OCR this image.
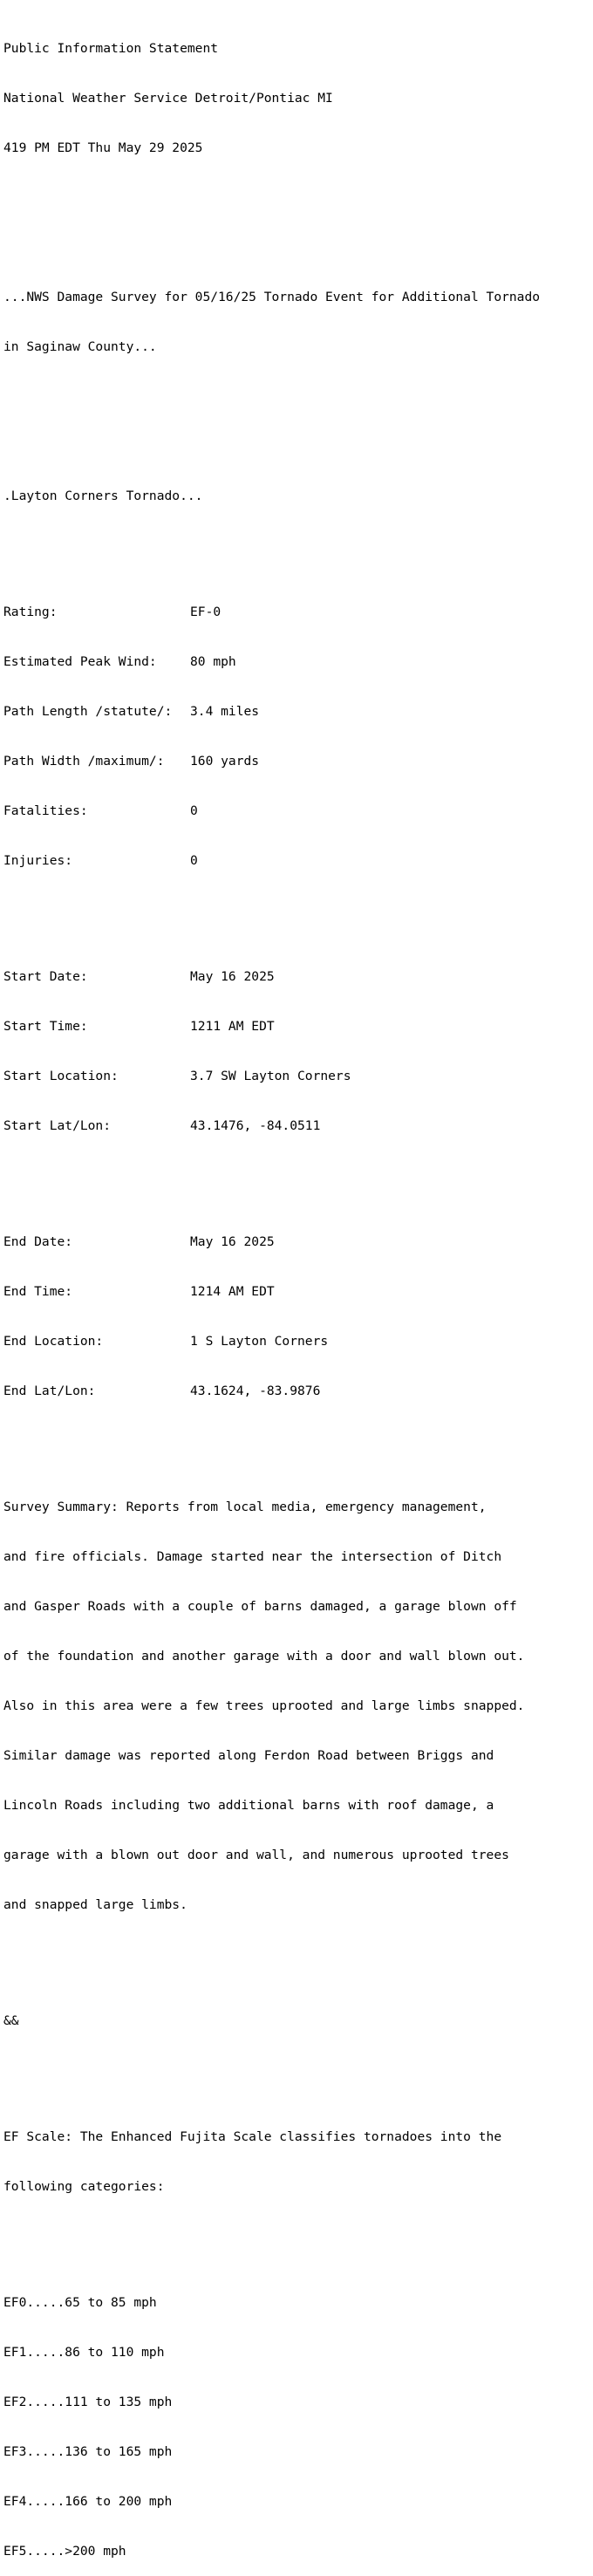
Public Information Statement

National Weather Service Detroit/Pontiac MI

419 PM EDT Thu May 29 2025

...NWS Damage Survey for 05/16/25 Tornado Event for Additional Tornado

in Saginaw County...

.Layton Corners Tornado...

Rating:	EF-0

Estimated Peak Wind:	80 mph

Path Length /statute/: 3.4 miles

Path Width /maximum/: 160 yards

Fatalities:	0

Injuries:	0

Start Date:	May 16 2025

Start Time:	1211 AM EDT

Start Location:	3.7 SW Layton Corners

Start Lat/Lon:	43.1476, -84.0511

End Date:	May 16 2025

End Time:	1214 AM EDT

End Location:	1 S Layton Corners

End Lat/Lon:	43.1624, -83.9876

Survey Summary: Reports from local media, emergency management,

and fire officials. Damage started near the intersection of Ditch

and Gasper Roads with a couple of barns damaged, a garage blown off

of the foundation and another garage with a door and wall blown out.

Also in this area were a few trees uprooted and large limbs snapped.

Similar damage was reported along Ferdon Road between Briggs and

Lincoln Roads including two additional barns with roof damage, a

garage with a blown out door and wall, and numerous uprooted trees

and snapped large limbs.

&&

EF Scale: The Enhanced Fujita Scale classifies tornadoes into the

following categories:

EF0.....65 to 85 mph

EF1.....86 to 110 mph

EF2.....111 to 135 mph

EF3.....136 to 165 mph

EF4.....166 to 200 mph

EF5.....>200 mph
